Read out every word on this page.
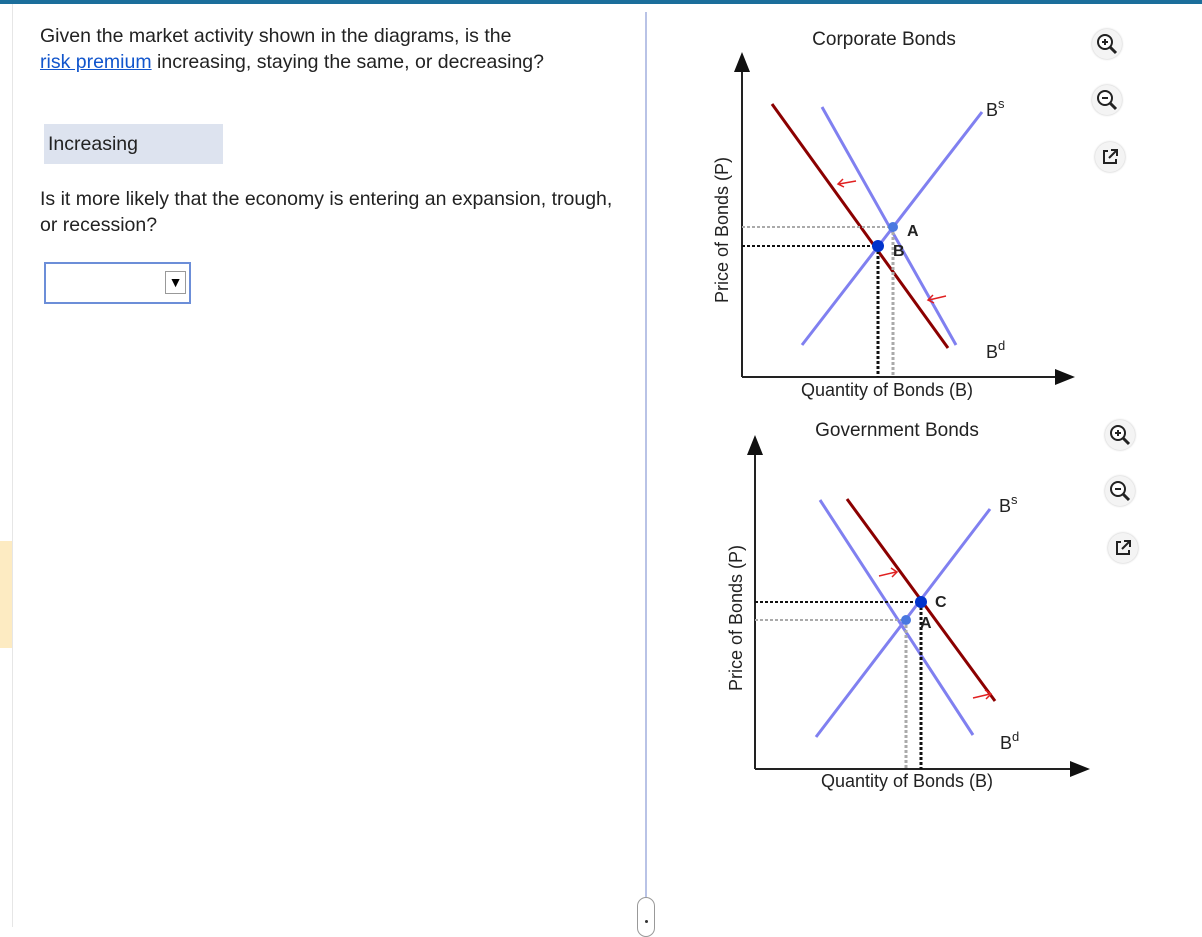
Given the market activity shown in the diagrams, is the
risk premium increasing, staying the same, or decreasing?
Increasing
Is it more likely that the economy is entering an expansion, trough, or recession?
▼
Corporate Bonds
Price of Bonds (P)
Quantity of Bonds (B)
A
B
$B^s$
$B^d$
Government Bonds
Price of Bonds (P)
Quantity of Bonds (B)
C
A
$B^s$
$B^d$
